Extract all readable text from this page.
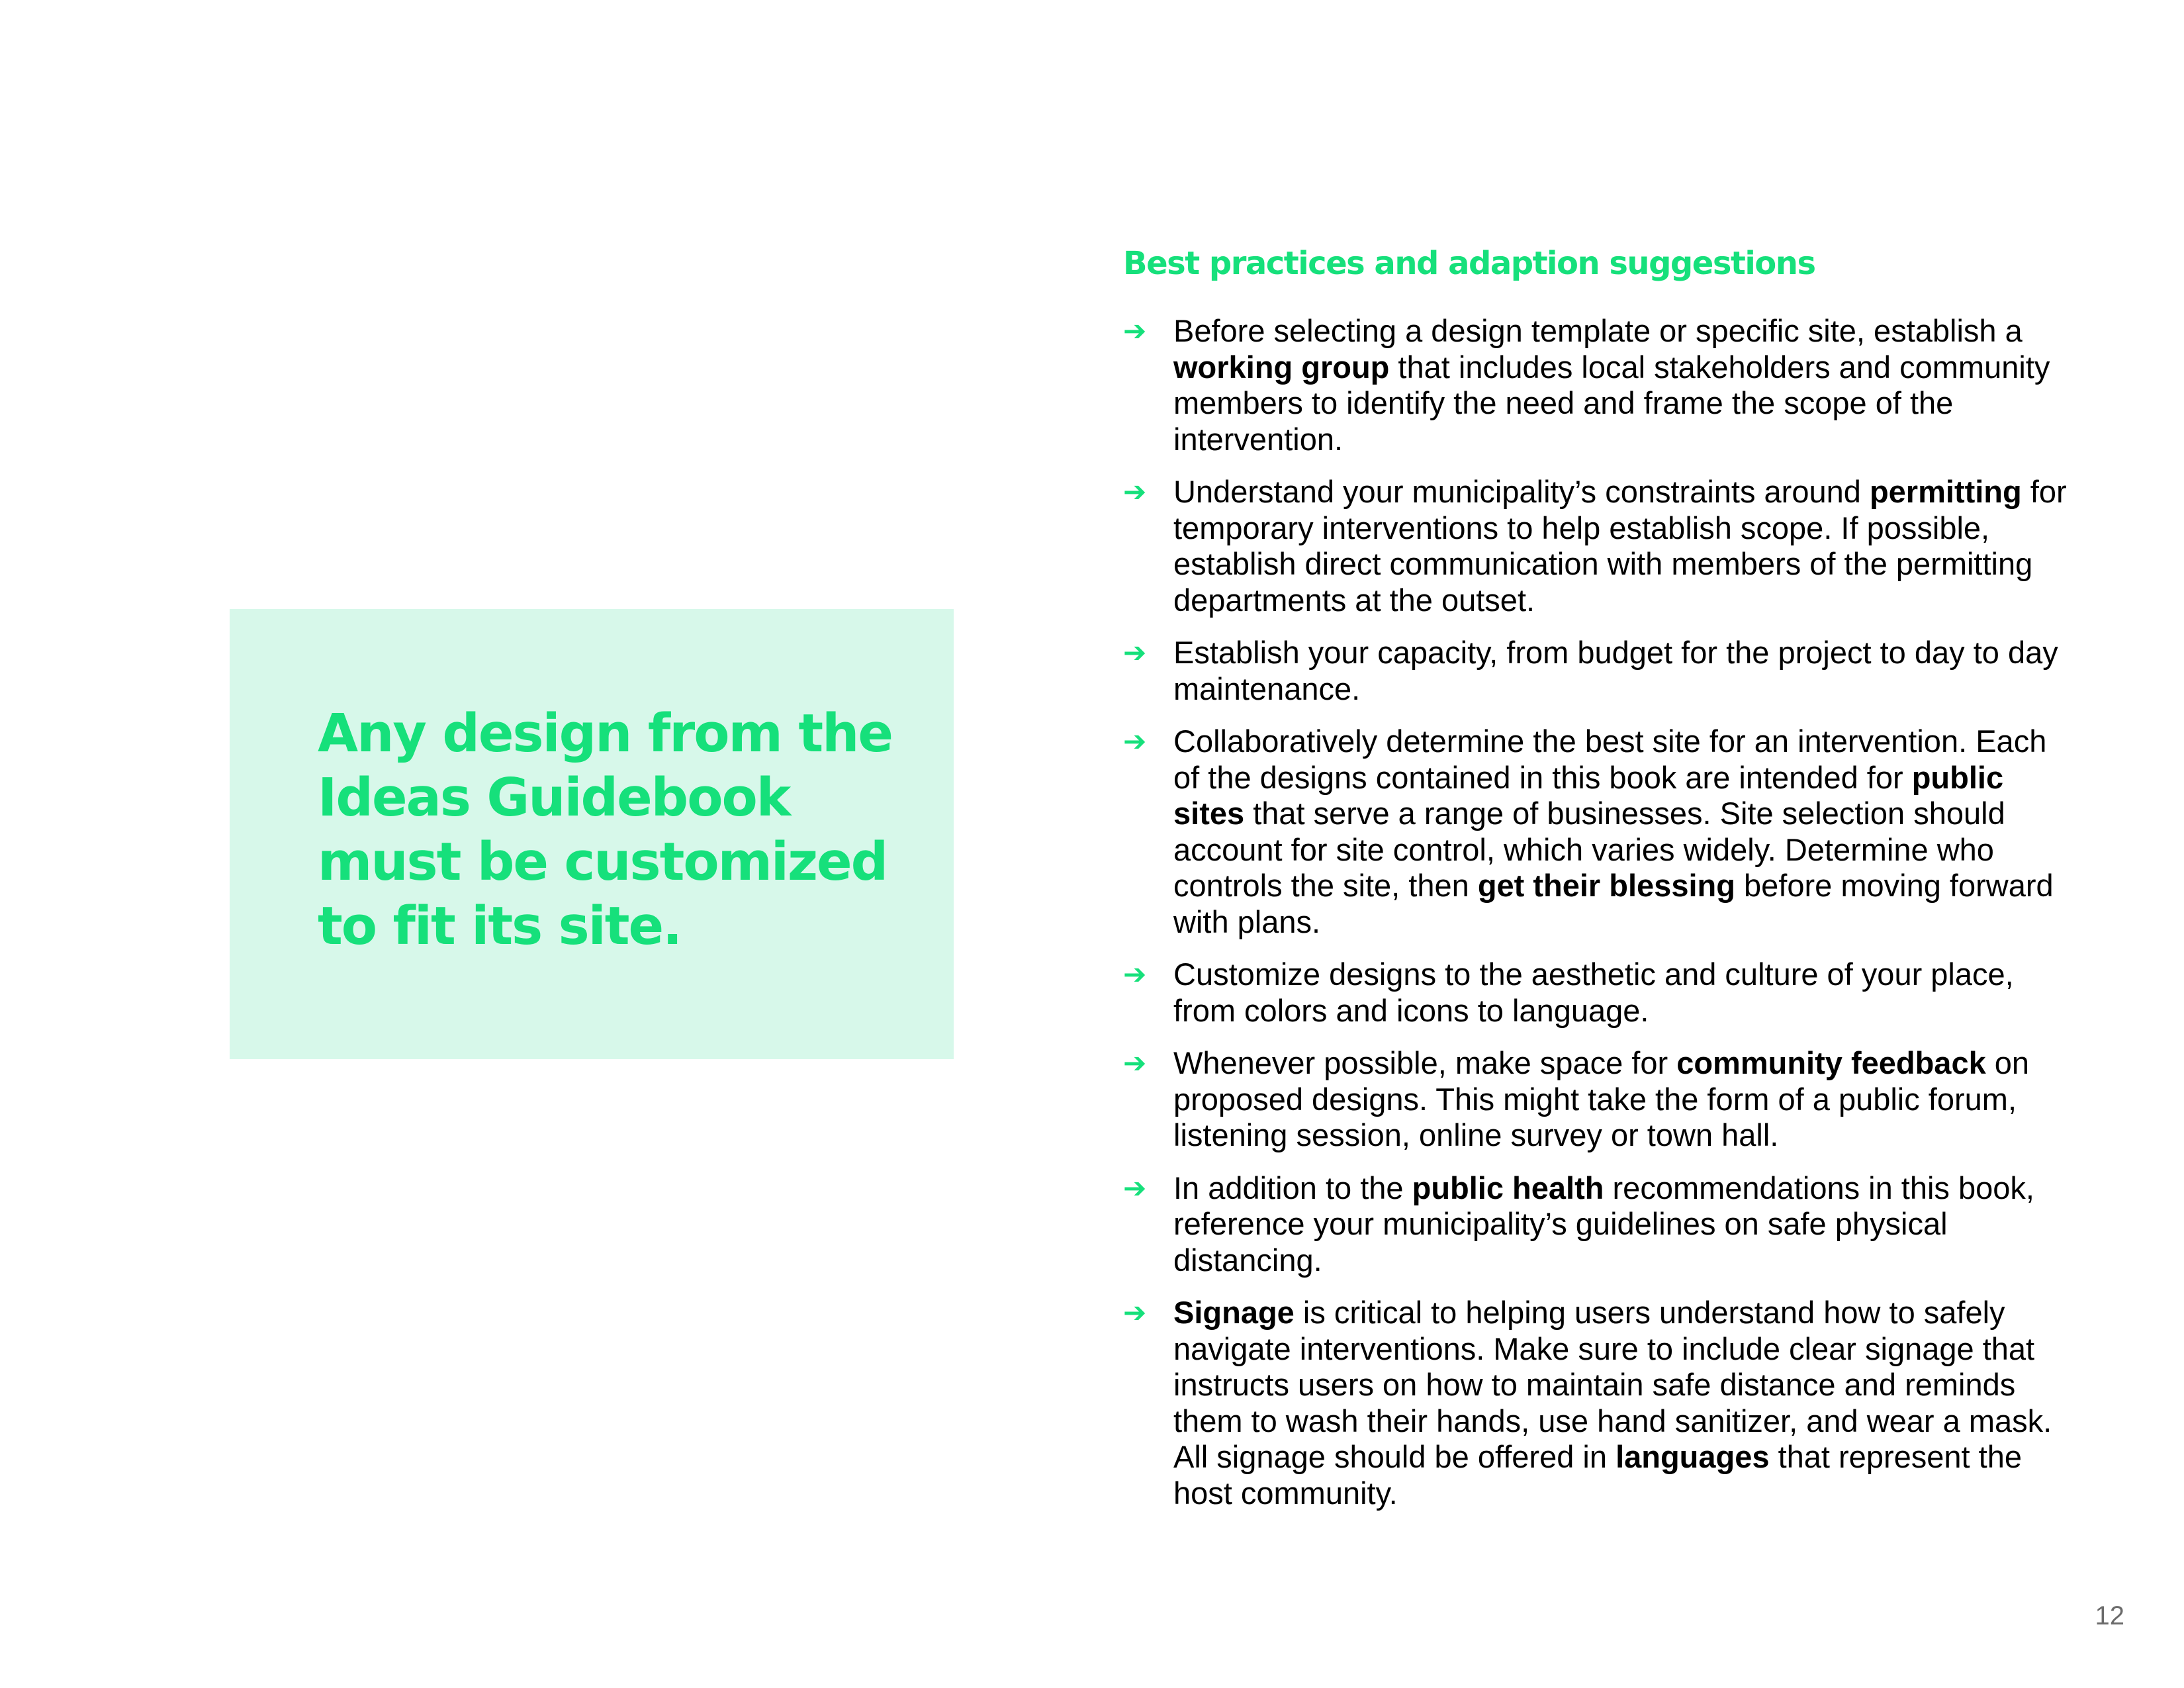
Any design from the
Ideas Guidebook
must be customized
to fit its site.

Best practices and adaption suggestions
➔ Before selecting a design template or specific site, establish a working group that includes local stakeholders and community members to identify the need and frame the scope of the intervention.
➔ Understand your municipality’s constraints around permitting for temporary interventions to help establish scope. If possible, establish direct communication with members of the permitting departments at the outset.
➔ Establish your capacity, from budget for the project to day to day maintenance.
➔ Collaboratively determine the best site for an intervention. Each of the designs contained in this book are intended for public sites that serve a range of businesses. Site selection should account for site control, which varies widely. Determine who controls the site, then get their blessing before moving forward with plans.
➔ Customize designs to the aesthetic and culture of your place, from colors and icons to language.
➔ Whenever possible, make space for community feedback on proposed designs. This might take the form of a public forum, listening session, online survey or town hall.
➔ In addition to the public health recommendations in this book, reference your municipality’s guidelines on safe physical distancing.
➔ Signage is critical to helping users understand how to safely navigate interventions. Make sure to include clear signage that instructs users on how to maintain safe distance and reminds them to wash their hands, use hand sanitizer, and wear a mask. All signage should be offered in languages that represent the host community.
12
